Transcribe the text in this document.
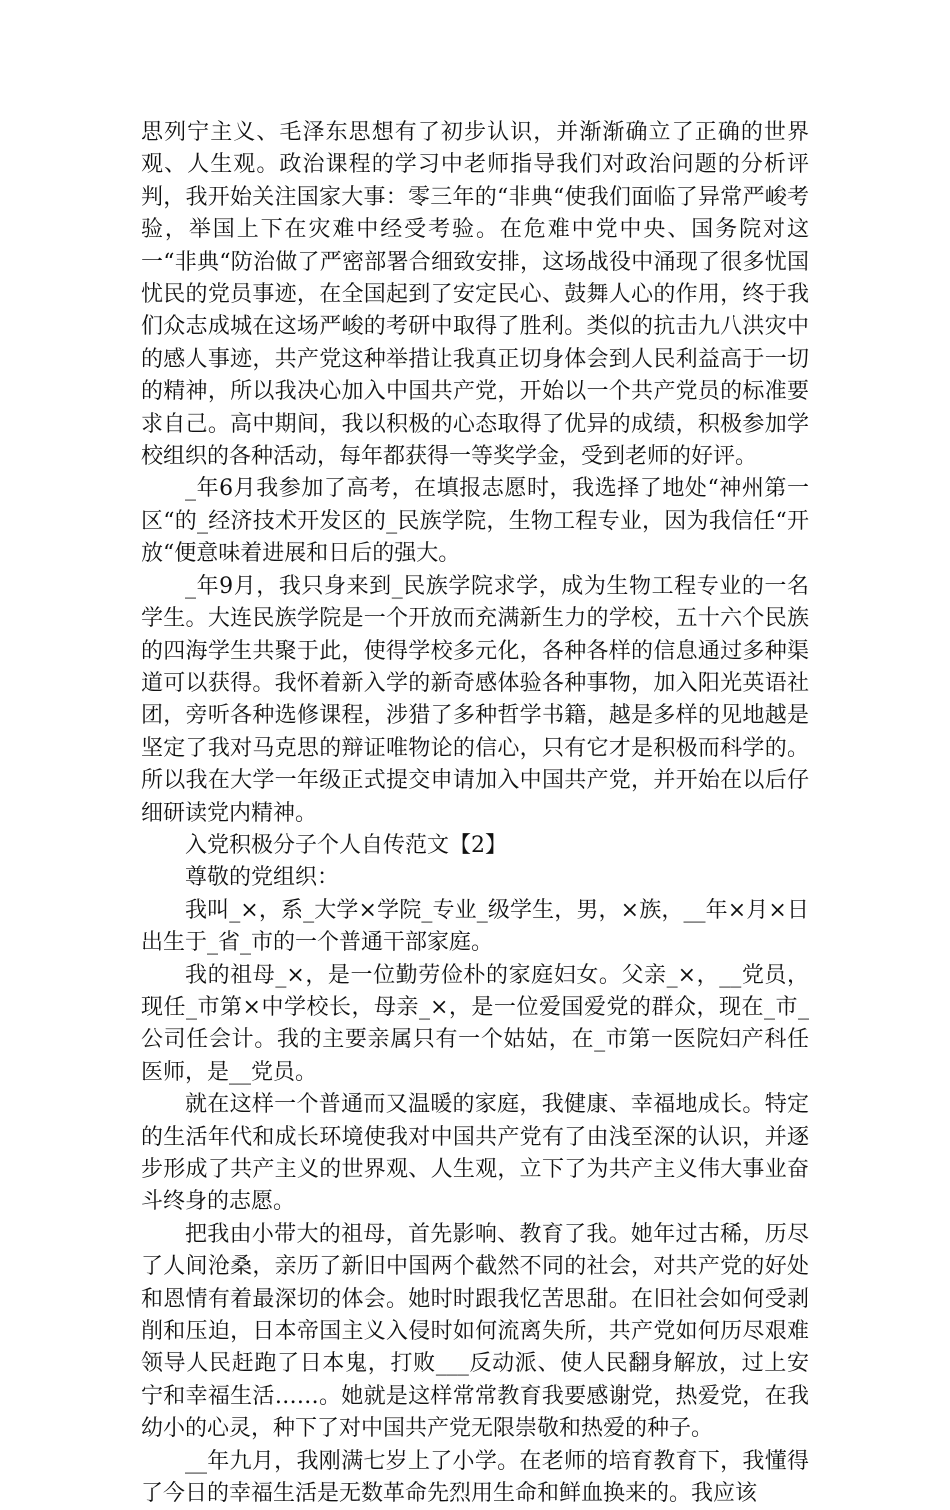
思列宁主义、毛泽东思想有了初步认识，并渐渐确立了正确的世界观、人生观。政治课程的学习中老师指导我们对政治问题的分析评判，我开始关注国家大事：零三年的“非典“使我们面临了异常严峻考验，举国上下在灾难中经受考验。在危难中党中央、国务院对这一“非典“防治做了严密部署合细致安排，这场战役中涌现了很多忧国忧民的党员事迹，在全国起到了安定民心、鼓舞人心的作用，终于我们众志成城在这场严峻的考研中取得了胜利。类似的抗击九八洪灾中的感人事迹，共产党这种举措让我真正切身体会到人民利益高于一切的精神，所以我决心加入中国共产党，开始以一个共产党员的标准要求自己。高中期间，我以积极的心态取得了优异的成绩，积极参加学校组织的各种活动，每年都获得一等奖学金，受到老师的好评。

_年6月我参加了高考，在填报志愿时，我选择了地处“神州第一区“的_经济技术开发区的_民族学院，生物工程专业，因为我信任“开放“便意味着进展和日后的强大。

_年9月，我只身来到_民族学院求学，成为生物工程专业的一名学生。大连民族学院是一个开放而充满新生力的学校，五十六个民族的四海学生共聚于此，使得学校多元化，各种各样的信息通过多种渠道可以获得。我怀着新入学的新奇感体验各种事物，加入阳光英语社团，旁听各种选修课程，涉猎了多种哲学书籍，越是多样的见地越是坚定了我对马克思的辩证唯物论的信心，只有它才是积极而科学的。所以我在大学一年级正式提交申请加入中国共产党，并开始在以后仔细研读党内精神。

入党积极分子个人自传范文【2】

尊敬的党组织：

我叫_×，系_大学×学院_专业_级学生，男，×族，__年×月×日出生于_省_市的一个普通干部家庭。

我的祖母_×，是一位勤劳俭朴的家庭妇女。父亲_×，__党员，现任_市第×中学校长，母亲_×，是一位爱国爱党的群众，现在_市_公司任会计。我的主要亲属只有一个姑姑，在_市第一医院妇产科任医师，是__党员。

就在这样一个普通而又温暖的家庭，我健康、幸福地成长。特定的生活年代和成长环境使我对中国共产党有了由浅至深的认识，并逐步形成了共产主义的世界观、人生观，立下了为共产主义伟大事业奋斗终身的志愿。

把我由小带大的祖母，首先影响、教育了我。她年过古稀，历尽了人间沧桑，亲历了新旧中国两个截然不同的社会，对共产党的好处和恩情有着最深切的体会。她时时跟我忆苦思甜。在旧社会如何受剥削和压迫，日本帝国主义入侵时如何流离失所，共产党如何历尽艰难领导人民赶跑了日本鬼，打败___反动派、使人民翻身解放，过上安宁和幸福生活……。她就是这样常常教育我要感谢党，热爱党，在我幼小的心灵，种下了对中国共产党无限崇敬和热爱的种子。

__年九月，我刚满七岁上了小学。在老师的培育教育下，我懂得了今日的幸福生活是无数革命先烈用生命和鲜血换来的。我应该
